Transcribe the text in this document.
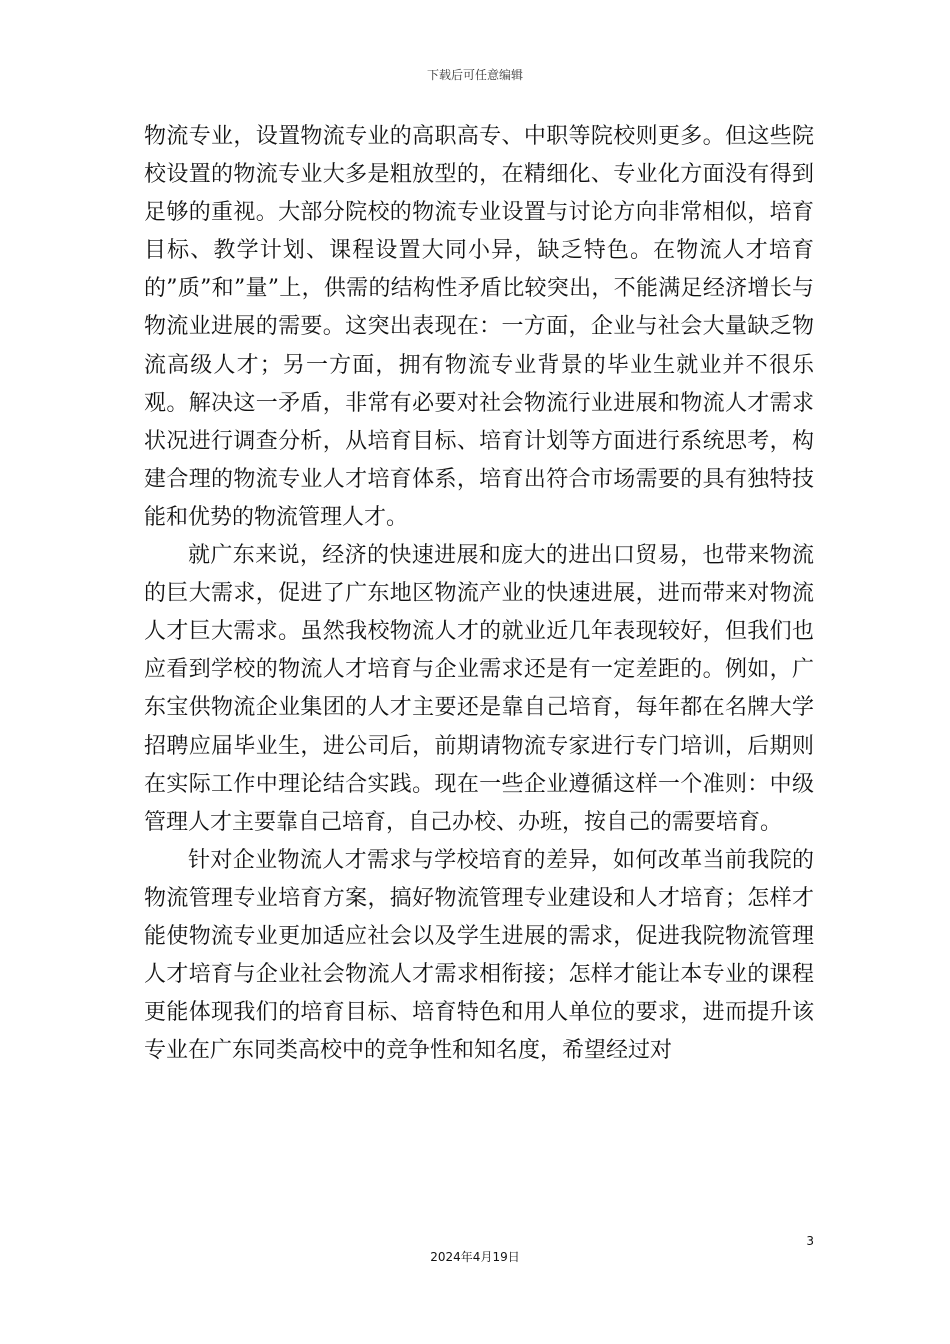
下载后可任意编辑

物流专业，设置物流专业的高职高专、中职等院校则更多。但这些院校设置的物流专业大多是粗放型的，在精细化、专业化方面没有得到足够的重视。大部分院校的物流专业设置与讨论方向非常相似，培育目标、教学计划、课程设置大同小异，缺乏特色。在物流人才培育的”质”和”量”上，供需的结构性矛盾比较突出，不能满足经济增长与物流业进展的需要。这突出表现在：一方面，企业与社会大量缺乏物流高级人才；另一方面，拥有物流专业背景的毕业生就业并不很乐观。解决这一矛盾，非常有必要对社会物流行业进展和物流人才需求状况进行调查分析，从培育目标、培育计划等方面进行系统思考，构建合理的物流专业人才培育体系，培育出符合市场需要的具有独特技能和优势的物流管理人才。

就广东来说，经济的快速进展和庞大的进出口贸易，也带来物流的巨大需求，促进了广东地区物流产业的快速进展，进而带来对物流人才巨大需求。虽然我校物流人才的就业近几年表现较好，但我们也应看到学校的物流人才培育与企业需求还是有一定差距的。例如，广东宝供物流企业集团的人才主要还是靠自己培育，每年都在名牌大学招聘应届毕业生，进公司后，前期请物流专家进行专门培训，后期则在实际工作中理论结合实践。现在一些企业遵循这样一个准则：中级管理人才主要靠自己培育，自己办校、办班，按自己的需要培育。

针对企业物流人才需求与学校培育的差异，如何改革当前我院的物流管理专业培育方案，搞好物流管理专业建设和人才培育；怎样才能使物流专业更加适应社会以及学生进展的需求，促进我院物流管理人才培育与企业社会物流人才需求相衔接；怎样才能让本专业的课程更能体现我们的培育目标、培育特色和用人单位的要求，进而提升该专业在广东同类高校中的竞争性和知名度，希望经过对

3
2024年4月19日
